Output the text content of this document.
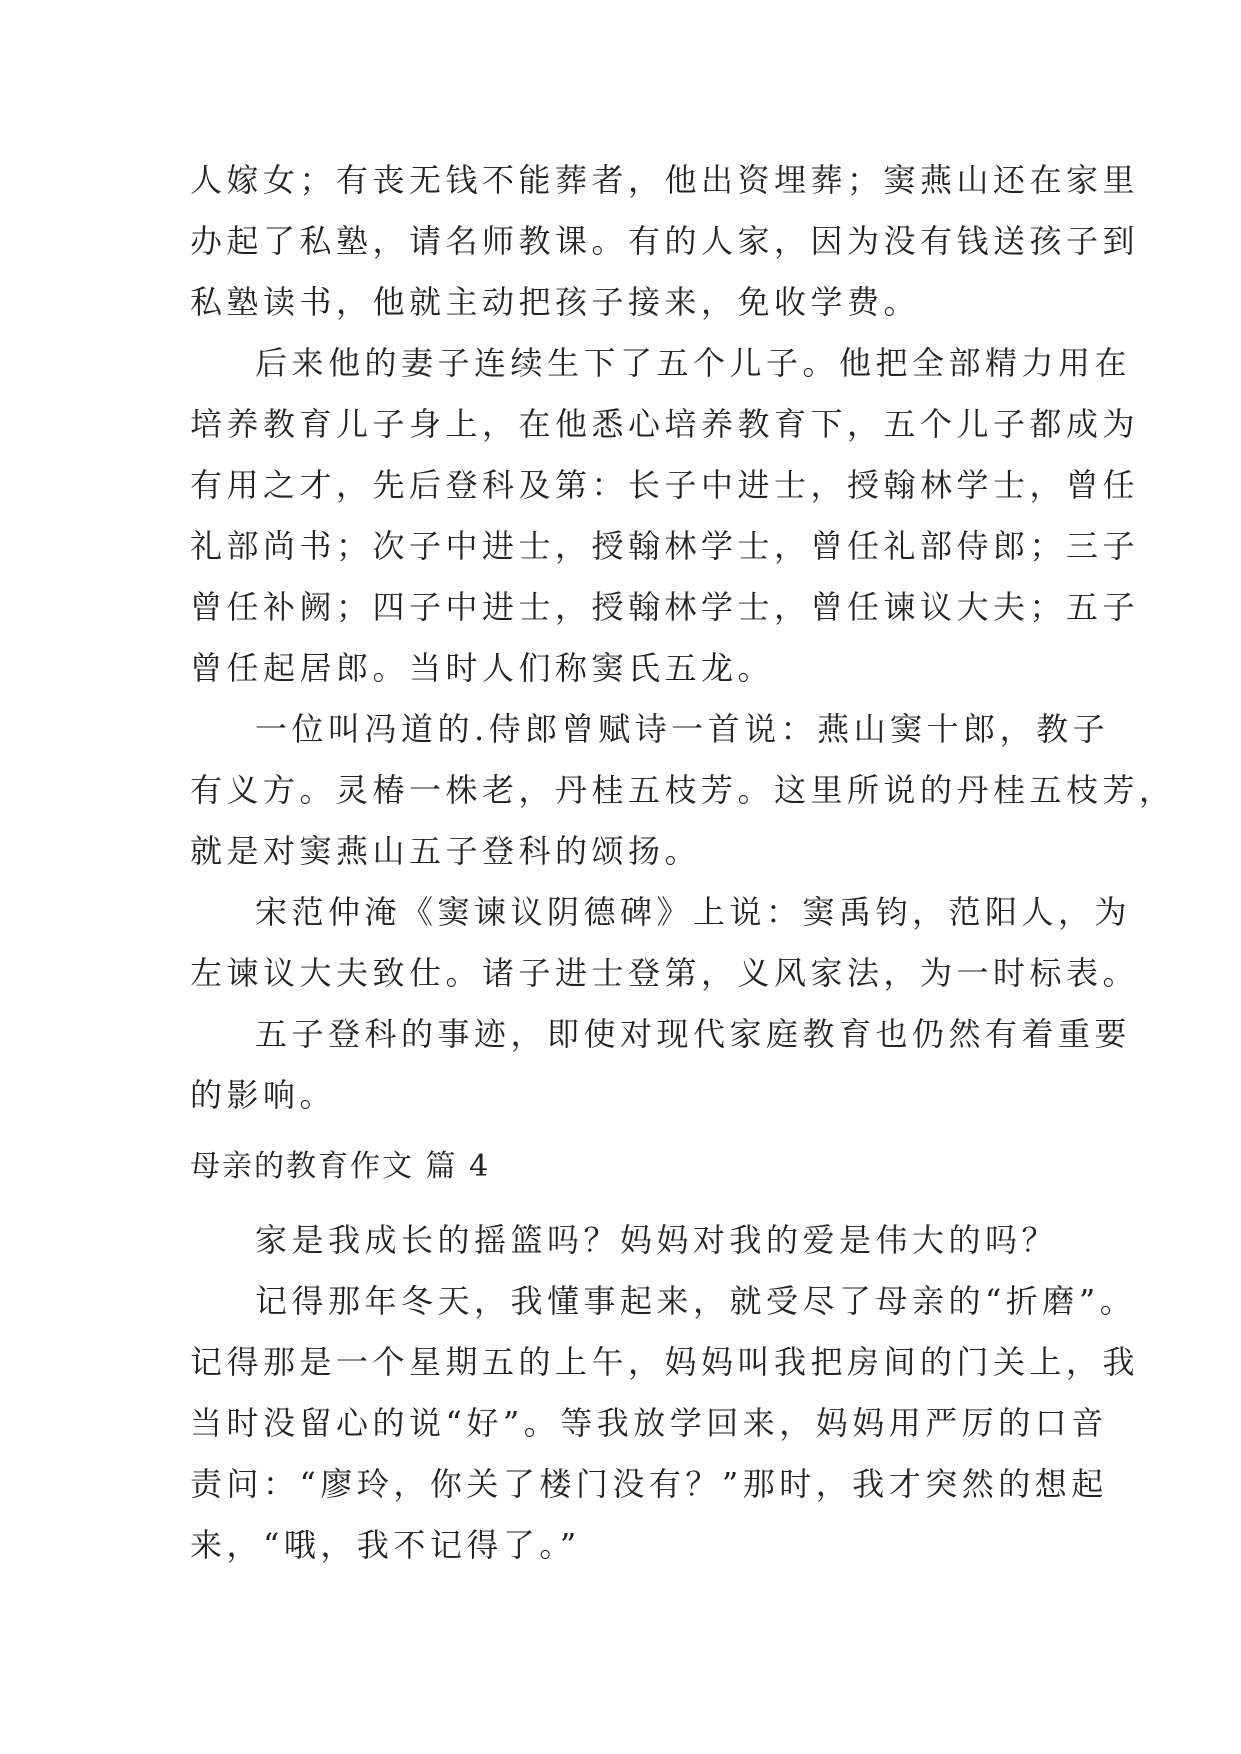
人嫁女；有丧无钱不能葬者，他出资埋葬；窦燕山还在家里
办起了私塾，请名师教课。有的人家，因为没有钱送孩子到
私塾读书，他就主动把孩子接来，免收学费。
后来他的妻子连续生下了五个儿子。他把全部精力用在
培养教育儿子身上，在他悉心培养教育下，五个儿子都成为
有用之才，先后登科及第：长子中进士，授翰林学士，曾任
礼部尚书；次子中进士，授翰林学士，曾任礼部侍郎；三子
曾任补阙；四子中进士，授翰林学士，曾任谏议大夫；五子
曾任起居郎。当时人们称窦氏五龙。
一位叫冯道的.侍郎曾赋诗一首说：燕山窦十郎，教子
有义方。灵椿一株老，丹桂五枝芳。这里所说的丹桂五枝芳，
就是对窦燕山五子登科的颂扬。
宋范仲淹《窦谏议阴德碑》上说：窦禹钧，范阳人，为
左谏议大夫致仕。诸子进士登第，义风家法，为一时标表。
五子登科的事迹，即使对现代家庭教育也仍然有着重要
的影响。
母亲的教育作文 篇 4
家是我成长的摇篮吗？妈妈对我的爱是伟大的吗？
记得那年冬天，我懂事起来，就受尽了母亲的“折磨”。
记得那是一个星期五的上午，妈妈叫我把房间的门关上，我
当时没留心的说“好”。等我放学回来，妈妈用严厉的口音
责问：“廖玲，你关了楼门没有？”那时，我才突然的想起
来，“哦，我不记得了。”
